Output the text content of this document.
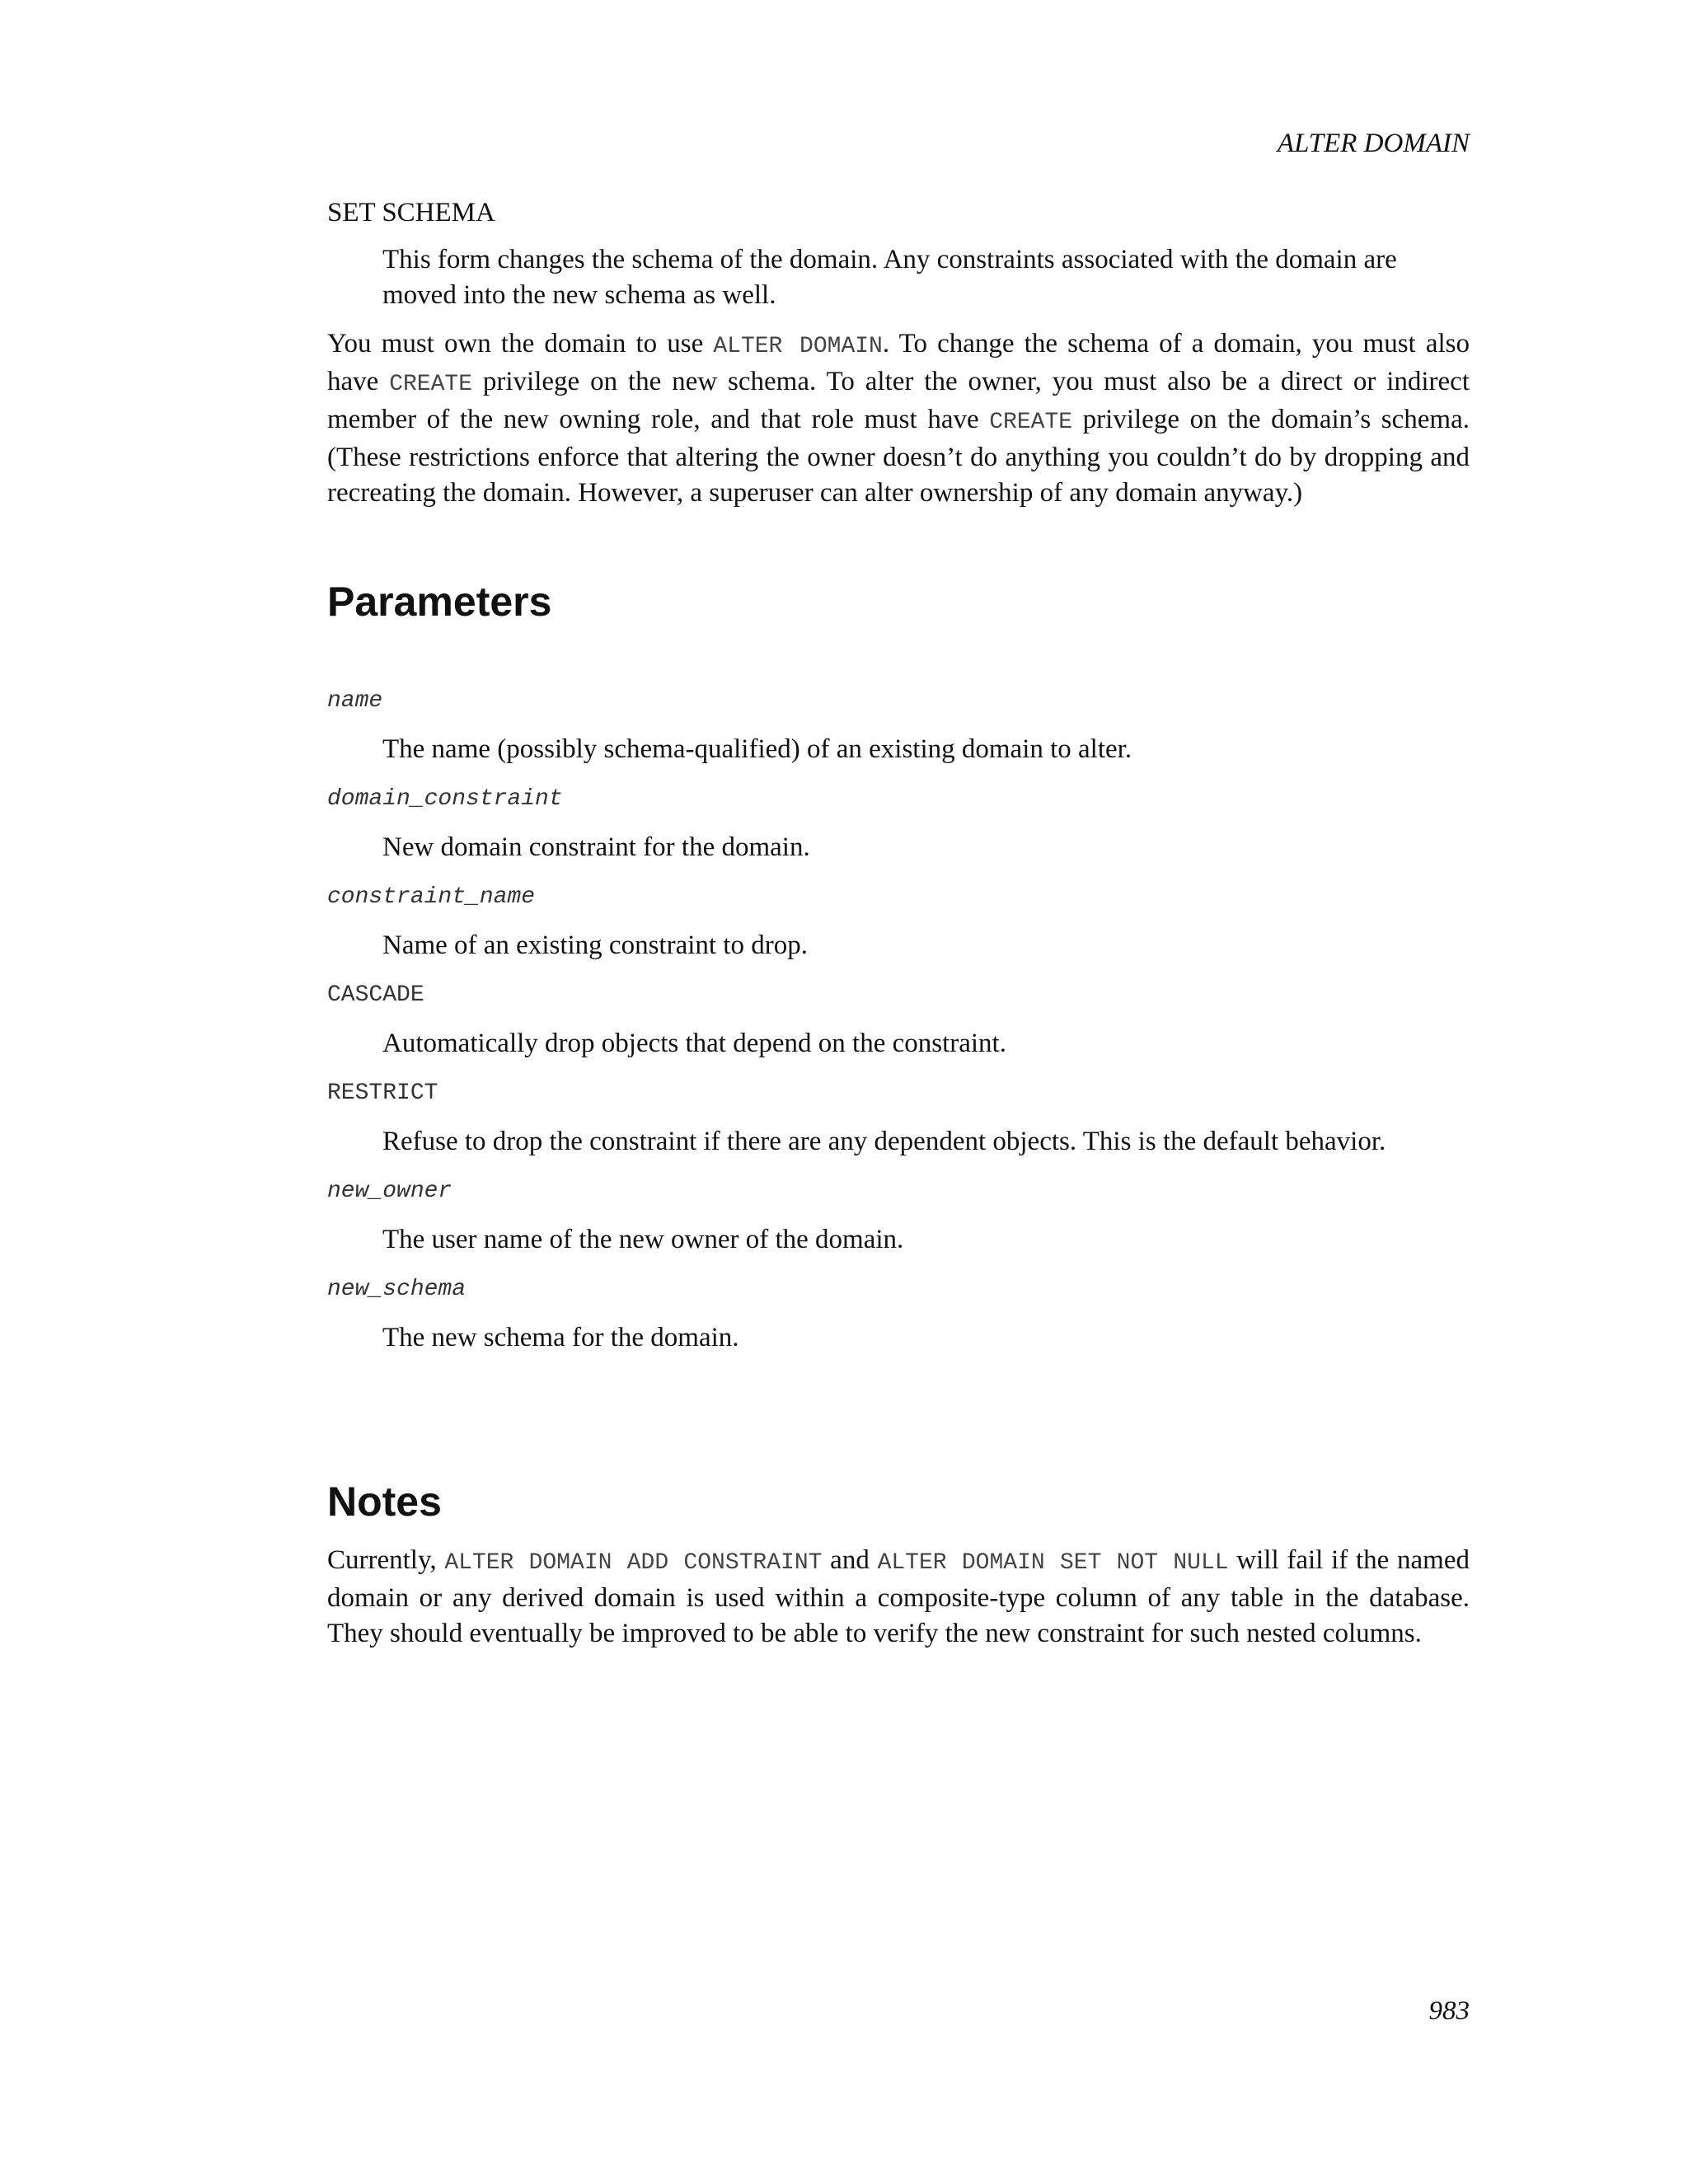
ALTER DOMAIN
SET SCHEMA
This form changes the schema of the domain. Any constraints associated with the domain are moved into the new schema as well.
You must own the domain to use ALTER DOMAIN. To change the schema of a domain, you must also have CREATE privilege on the new schema. To alter the owner, you must also be a direct or indirect member of the new owning role, and that role must have CREATE privilege on the domain’s schema. (These restrictions enforce that altering the owner doesn’t do anything you couldn’t do by dropping and recreating the domain. However, a superuser can alter ownership of any domain anyway.)
Parameters
name
The name (possibly schema-qualified) of an existing domain to alter.
domain_constraint
New domain constraint for the domain.
constraint_name
Name of an existing constraint to drop.
CASCADE
Automatically drop objects that depend on the constraint.
RESTRICT
Refuse to drop the constraint if there are any dependent objects. This is the default behavior.
new_owner
The user name of the new owner of the domain.
new_schema
The new schema for the domain.
Notes
Currently, ALTER DOMAIN ADD CONSTRAINT and ALTER DOMAIN SET NOT NULL will fail if the named domain or any derived domain is used within a composite-type column of any table in the database. They should eventually be improved to be able to verify the new constraint for such nested columns.
983
